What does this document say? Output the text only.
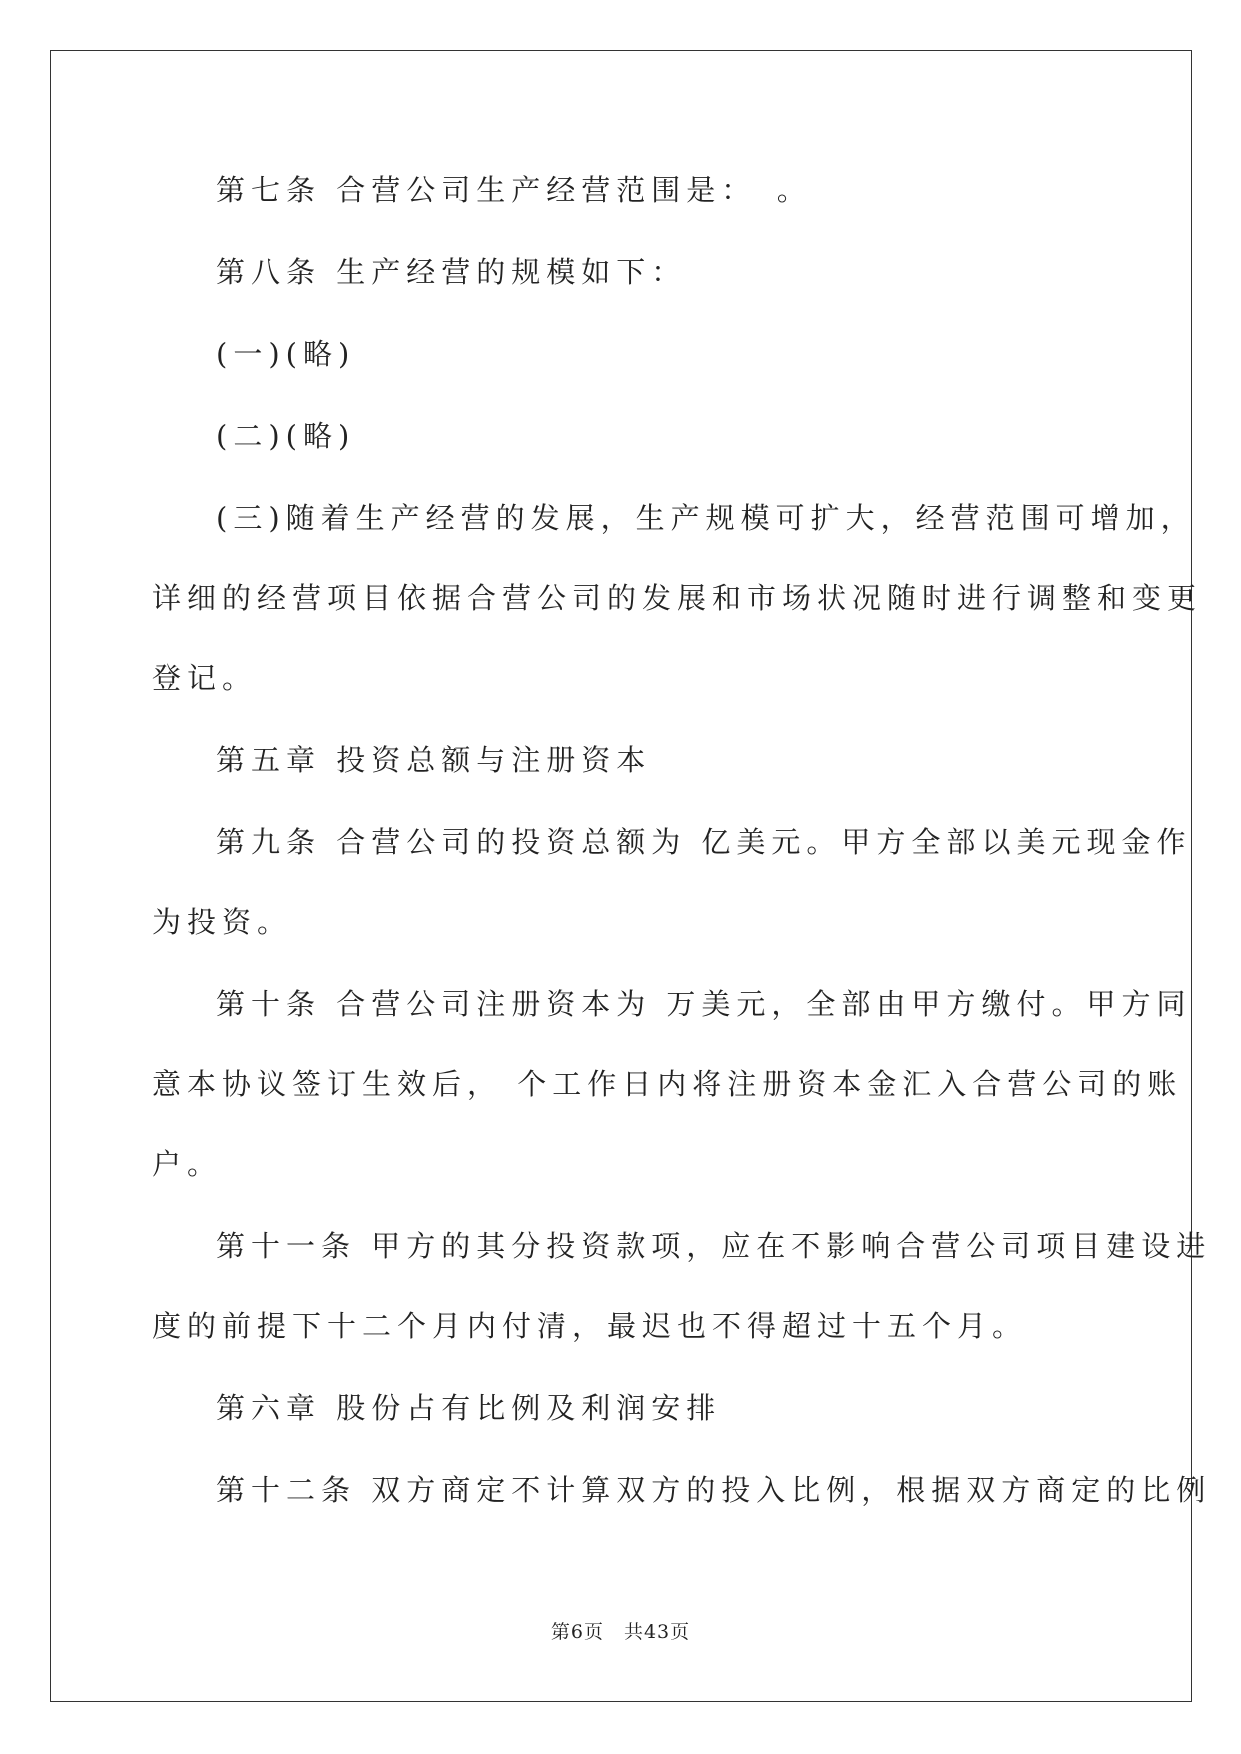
第七条 合营公司生产经营范围是：　。
第八条 生产经营的规模如下：
(一)(略)
(二)(略)
(三)随着生产经营的发展，生产规模可扩大，经营范围可增加，
详细的经营项目依据合营公司的发展和市场状况随时进行调整和变更
登记。
第五章 投资总额与注册资本
第九条 合营公司的投资总额为 亿美元。甲方全部以美元现金作
为投资。
第十条 合营公司注册资本为 万美元，全部由甲方缴付。甲方同
意本协议签订生效后， 个工作日内将注册资本金汇入合营公司的账
户。
第十一条 甲方的其分投资款项，应在不影响合营公司项目建设进
度的前提下十二个月内付清，最迟也不得超过十五个月。
第六章 股份占有比例及利润安排
第十二条 双方商定不计算双方的投入比例，根据双方商定的比例
第6页　共43页
